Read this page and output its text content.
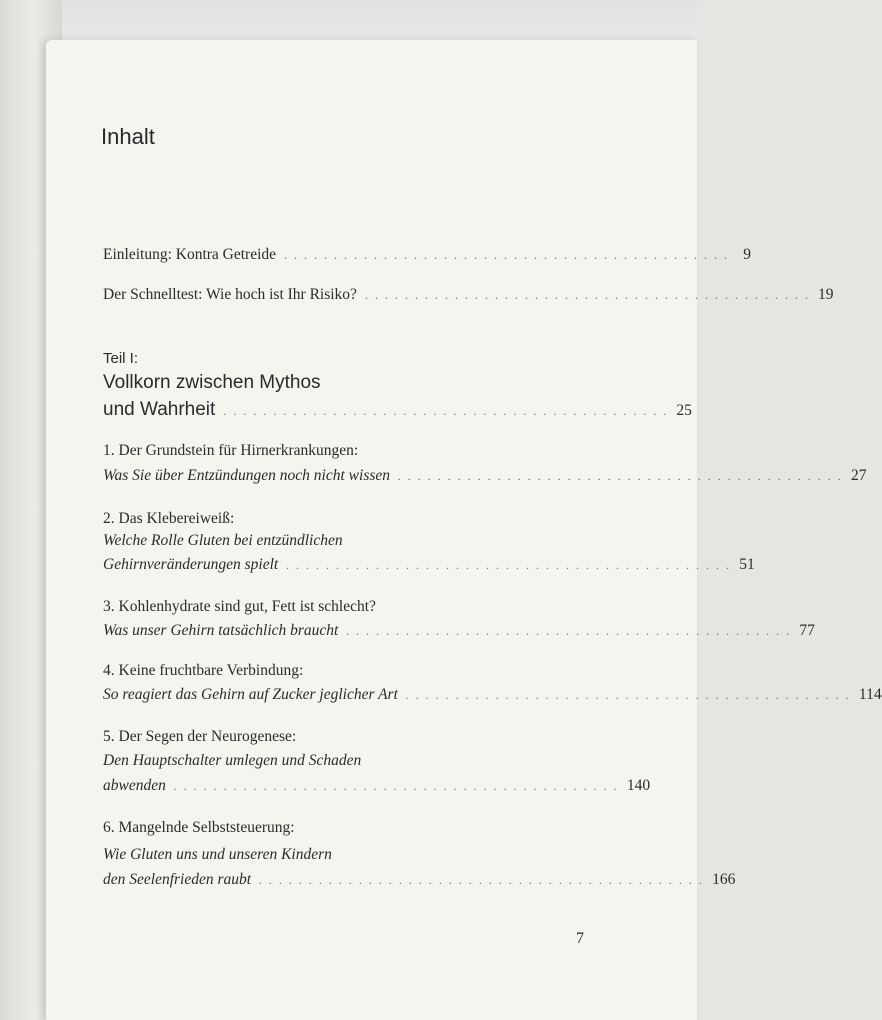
Inhalt
Einleitung: Kontra Getreide . . . . . . . . . . . . . . . . . . . . . . . . . . . . . . . . . . . . . . . . . . . . . 9
Der Schnelltest: Wie hoch ist Ihr Risiko? . . . . . . . . . . . . . . . . . . . . . . . . . . . . . . . . . . . . . . . . . . . . . 19
Teil I:
Vollkorn zwischen Mythos
und Wahrheit . . . . . . . . . . . . . . . . . . . . . . . . . . . . . . . . . . . . . . . . . . . . . 25
1. Der Grundstein für Hirnerkrankungen:
Was Sie über Entzündungen noch nicht wissen . . . . . . . . . . . . . . . . . . . . . . . . . . . . . . . . . . . . . . . . . . . . . 27
2. Das Klebereiweiß:
Welche Rolle Gluten bei entzündlichen
Gehirnveränderungen spielt . . . . . . . . . . . . . . . . . . . . . . . . . . . . . . . . . . . . . . . . . . . . . 51
3. Kohlenhydrate sind gut, Fett ist schlecht?
Was unser Gehirn tatsächlich braucht . . . . . . . . . . . . . . . . . . . . . . . . . . . . . . . . . . . . . . . . . . . . . 77
4. Keine fruchtbare Verbindung:
So reagiert das Gehirn auf Zucker jeglicher Art . . . . . . . . . . . . . . . . . . . . . . . . . . . . . . . . . . . . . . . . . . . . . 114
5. Der Segen der Neurogenese:
Den Hauptschalter umlegen und Schaden
abwenden . . . . . . . . . . . . . . . . . . . . . . . . . . . . . . . . . . . . . . . . . . . . . 140
6. Mangelnde Selbststeuerung:
Wie Gluten uns und unseren Kindern
den Seelenfrieden raubt . . . . . . . . . . . . . . . . . . . . . . . . . . . . . . . . . . . . . . . . . . . . . 166
7
